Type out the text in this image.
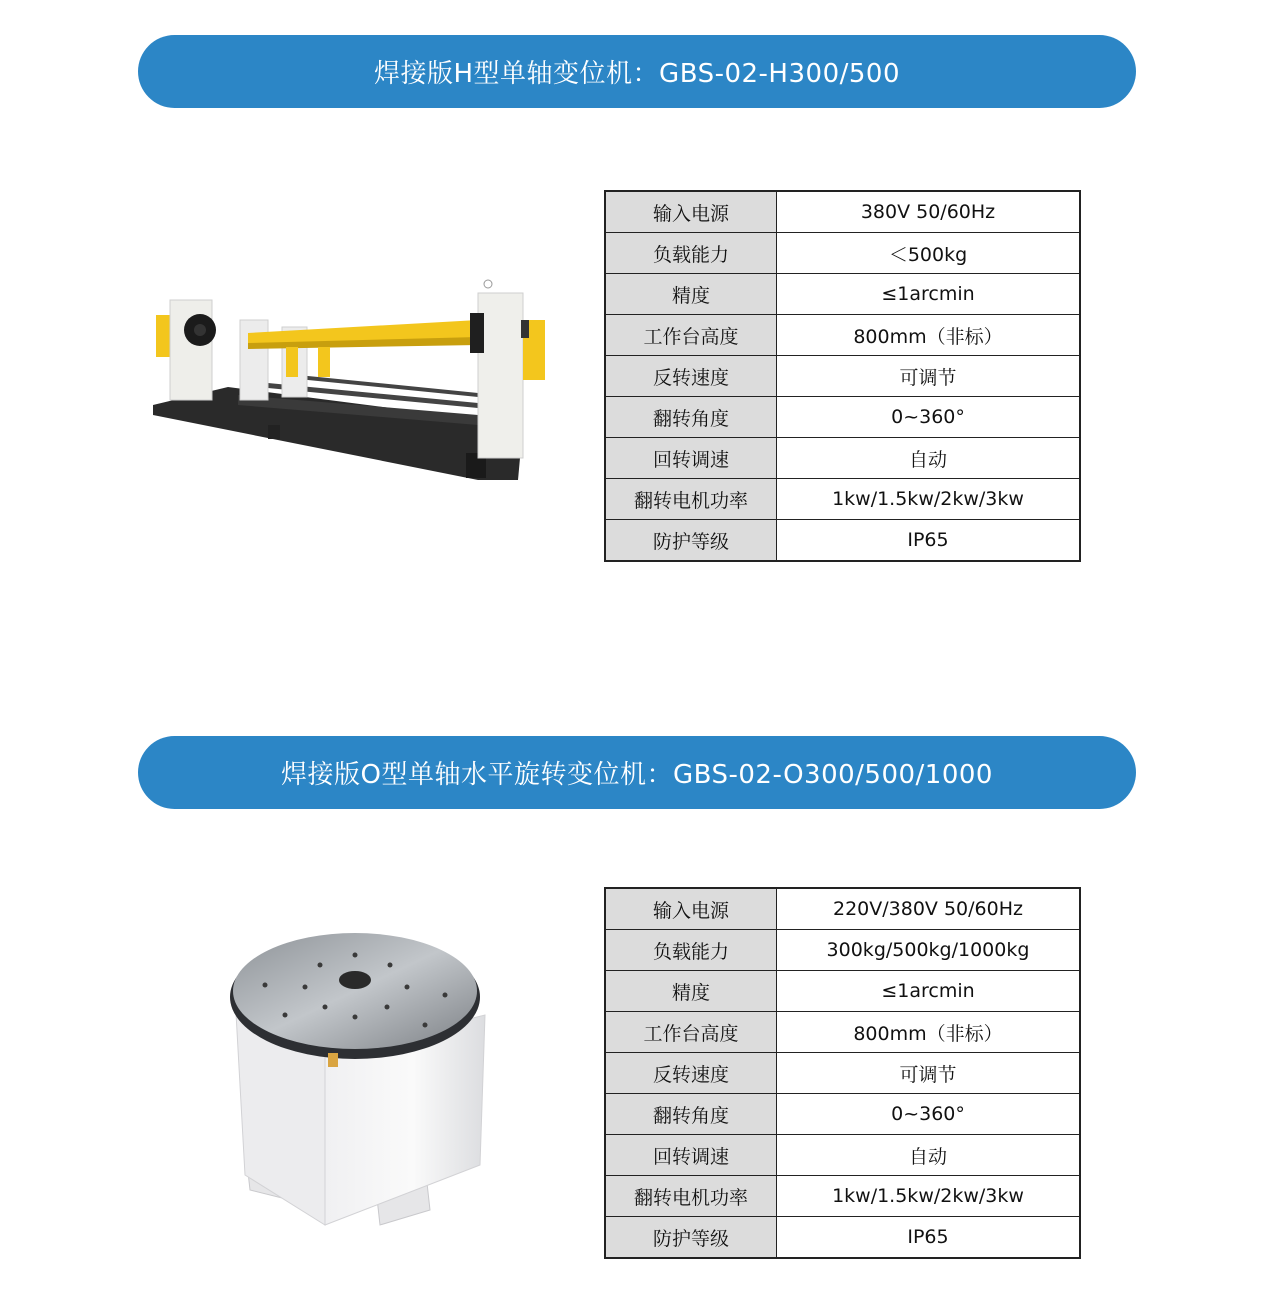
焊接版H型单轴变位机：GBS-02-H300/500
输入电源	380V 50/60Hz
负载能力	＜500kg
精度	≤1arcmin
工作台高度	800mm（非标）
反转速度	可调节
翻转角度	0~360°
回转调速	自动
翻转电机功率	1kw/1.5kw/2kw/3kw
防护等级	IP65
焊接版O型单轴水平旋转变位机：GBS-02-O300/500/1000
输入电源	220V/380V 50/60Hz
负载能力	300kg/500kg/1000kg
精度	≤1arcmin
工作台高度	800mm（非标）
反转速度	可调节
翻转角度	0~360°
回转调速	自动
翻转电机功率	1kw/1.5kw/2kw/3kw
防护等级	IP65
